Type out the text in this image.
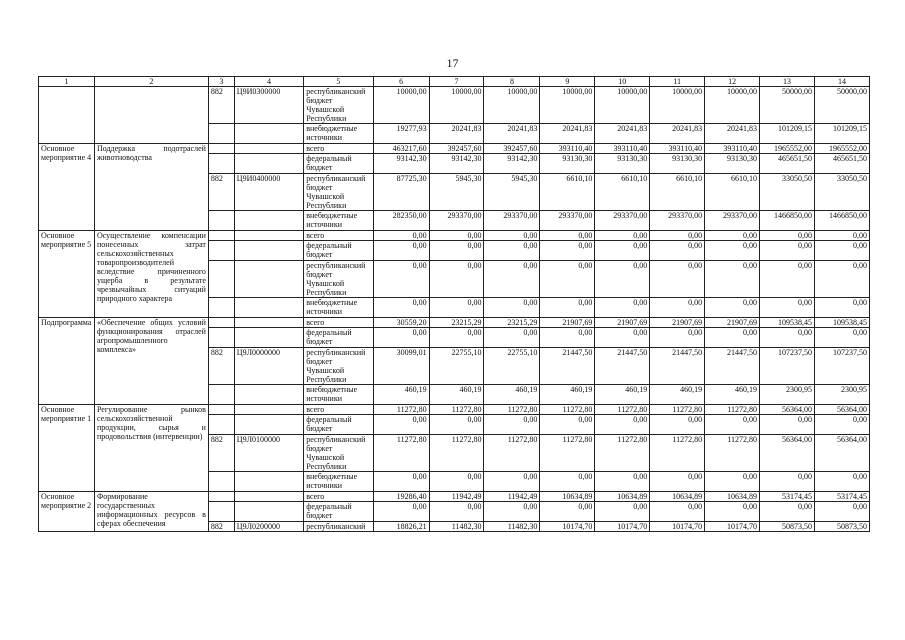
17
1	2	3	4	5	6	7	8	9	10	11	12	13	14
		882	Ц9И0300000	республиканский бюджет Чувашской Республики	10000,00	10000,00	10000,00	10000,00	10000,00	10000,00	10000,00	50000,00	50000,00
				внебюджетные источники	19277,93	20241,83	20241,83	20241,83	20241,83	20241,83	20241,83	101209,15	101209,15
Основное мероприятие 4	Поддержка подотраслей животноводства			всего	463217,60	392457,60	392457,60	393110,40	393110,40	393110,40	393110,40	1965552,00	1965552,00
				федеральный бюджет	93142,30	93142,30	93142,30	93130,30	93130,30	93130,30	93130,30	465651,50	465651,50
		882	Ц9И0400000	республиканский бюджет Чувашской Республики	87725,30	5945,30	5945,30	6610,10	6610,10	6610,10	6610,10	33050,50	33050,50
				внебюджетные источники	282350,00	293370,00	293370,00	293370,00	293370,00	293370,00	293370,00	1466850,00	1466850,00
Основное мероприятие 5	Осуществление компенсации понесенных затрат сельскохозяйственных товаропроизводителей вследствие причиненного ущерба в результате чрезвычайных ситуаций природного характера			всего	0,00	0,00	0,00	0,00	0,00	0,00	0,00	0,00	0,00
				федеральный бюджет	0,00	0,00	0,00	0,00	0,00	0,00	0,00	0,00	0,00
				республиканский бюджет Чувашской Республики	0,00	0,00	0,00	0,00	0,00	0,00	0,00	0,00	0,00
				внебюджетные источники	0,00	0,00	0,00	0,00	0,00	0,00	0,00	0,00	0,00
Подпрограмма	«Обеспечение общих условий функционирования отраслей агропромышленного комплекса»			всего	30559,20	23215,29	23215,29	21907,69	21907,69	21907,69	21907,69	109538,45	109538,45
				федеральный бюджет	0,00	0,00	0,00	0,00	0,00	0,00	0,00	0,00	0,00
		882	Ц9Л0000000	республиканский бюджет Чувашской Республики	30099,01	22755,10	22755,10	21447,50	21447,50	21447,50	21447,50	107237,50	107237,50
				внебюджетные источники	460,19	460,19	460,19	460,19	460,19	460,19	460,19	2300,95	2300,95
Основное мероприятие 1	Регулирование рынков сельскохозяйственной продукции, сырья и продовольствия (интервенции)			всего	11272,80	11272,80	11272,80	11272,80	11272,80	11272,80	11272,80	56364,00	56364,00
				федеральный бюджет	0,00	0,00	0,00	0,00	0,00	0,00	0,00	0,00	0,00
		882	Ц9Л0100000	республиканский бюджет Чувашской Республики	11272,80	11272,80	11272,80	11272,80	11272,80	11272,80	11272,80	56364,00	56364,00
				внебюджетные источники	0,00	0,00	0,00	0,00	0,00	0,00	0,00	0,00	0,00
Основное мероприятие 2	Формирование государственных информационных ресурсов в сферах обеспечения			всего	19286,40	11942,49	11942,49	10634,89	10634,89	10634,89	10634,89	53174,45	53174,45
				федеральный бюджет	0,00	0,00	0,00	0,00	0,00	0,00	0,00	0,00	0,00
		882	Ц9Л0200000	республиканский	18826,21	11482,30	11482,30	10174,70	10174,70	10174,70	10174,70	50873,50	50873,50
